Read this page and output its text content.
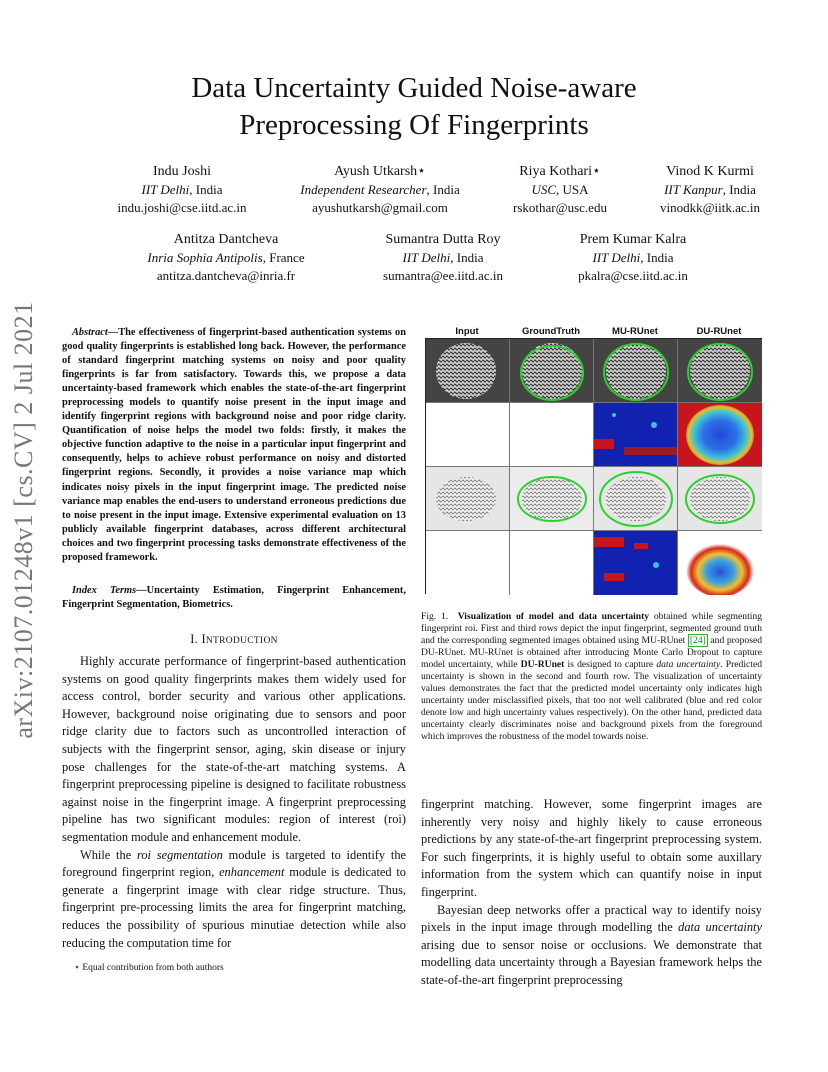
arXiv:2107.01248v1 [cs.CV] 2 Jul 2021
Data Uncertainty Guided Noise-aware
Preprocessing Of Fingerprints
Indu Joshi
IIT Delhi, India
indu.joshi@cse.iitd.ac.in
Ayush Utkarsh⋆
Independent Researcher, India
ayushutkarsh@gmail.com
Riya Kothari⋆
USC, USA
rskothar@usc.edu
Vinod K Kurmi
IIT Kanpur, India
vinodkk@iitk.ac.in
Antitza Dantcheva
Inria Sophia Antipolis, France
antitza.dantcheva@inria.fr
Sumantra Dutta Roy
IIT Delhi, India
sumantra@ee.iitd.ac.in
Prem Kumar Kalra
IIT Delhi, India
pkalra@cse.iitd.ac.in
Abstract—The effectiveness of fingerprint-based authentication systems on good quality fingerprints is established long back. However, the performance of standard fingerprint matching systems on noisy and poor quality fingerprints is far from satisfactory. Towards this, we propose a data uncertainty-based framework which enables the state-of-the-art fingerprint preprocessing models to quantify noise present in the input image and identify fingerprint regions with background noise and poor ridge clarity. Quantification of noise helps the model two folds: firstly, it makes the objective function adaptive to the noise in a particular input fingerprint and consequently, helps to achieve robust performance on noisy and distorted fingerprint regions. Secondly, it provides a noise variance map which indicates noisy pixels in the input fingerprint image. The predicted noise variance map enables the end-users to understand erroneous predictions due to noise present in the input image. Extensive experimental evaluation on 13 publicly available fingerprint databases, across different architectural choices and two fingerprint processing tasks demonstrate effectiveness of the proposed framework.
Index Terms—Uncertainty Estimation, Fingerprint Enhancement, Fingerprint Segmentation, Biometrics.
I. INTRODUCTION

Highly accurate performance of fingerprint-based authentication systems on good quality fingerprints makes them widely used for access control, border security and various other applications. However, background noise originating due to sensors and poor ridge clarity due to factors such as uncontrolled interaction of subjects with the fingerprint sensor, aging, skin disease or injury pose challenges for the state-of-the-art matching systems. A fingerprint preprocessing pipeline is designed to facilitate robustness against noise in the fingerprint image. A fingerprint preprocessing pipeline has two significant modules: region of interest (roi) segmentation module and enhancement module.

While the roi segmentation module is targeted to identify the foreground fingerprint region, enhancement module is dedicated to generate a fingerprint image with clear ridge structure. Thus, fingerprint pre-processing limits the area for fingerprint matching, reduces the possibility of spurious minutiae detection while also reducing the computation time for

⋆ Equal contribution from both authors
Input	GroundTruth	MU-RUnet	DU-RUnet
Fig. 1. Visualization of model and data uncertainty obtained while segmenting fingerprint roi. First and third rows depict the input fingerprint, segmented ground truth and the corresponding segmented images obtained using MU-RUnet [24] and proposed DU-RUnet. MU-RUnet is obtained after introducing Monte Carlo Dropout to capture model uncertainty, while DU-RUnet is designed to capture data uncertainty. Predicted uncertainty is shown in the second and fourth row. The visualization of uncertainty values demonstrates the fact that the predicted model uncertainty only indicates high uncertainty under misclassified pixels, that too not well calibrated (blue and red color denote low and high uncertainty values respectively). On the other hand, predicted data uncertainty clearly discriminates noise and background pixels from the foreground which improves the robustness of the model towards noise.

fingerprint matching. However, some fingerprint images are inherently very noisy and highly likely to cause erroneous predictions by any state-of-the-art fingerprint preprocessing system. For such fingerprints, it is highly useful to obtain some auxillary information from the system which can quantify noise in input fingerprint.

Bayesian deep networks offer a practical way to identify noisy pixels in the input image through modelling the data uncertainty arising due to sensor noise or occlusions. We demonstrate that modelling data uncertainty through a Bayesian framework helps the state-of-the-art fingerprint preprocessing
